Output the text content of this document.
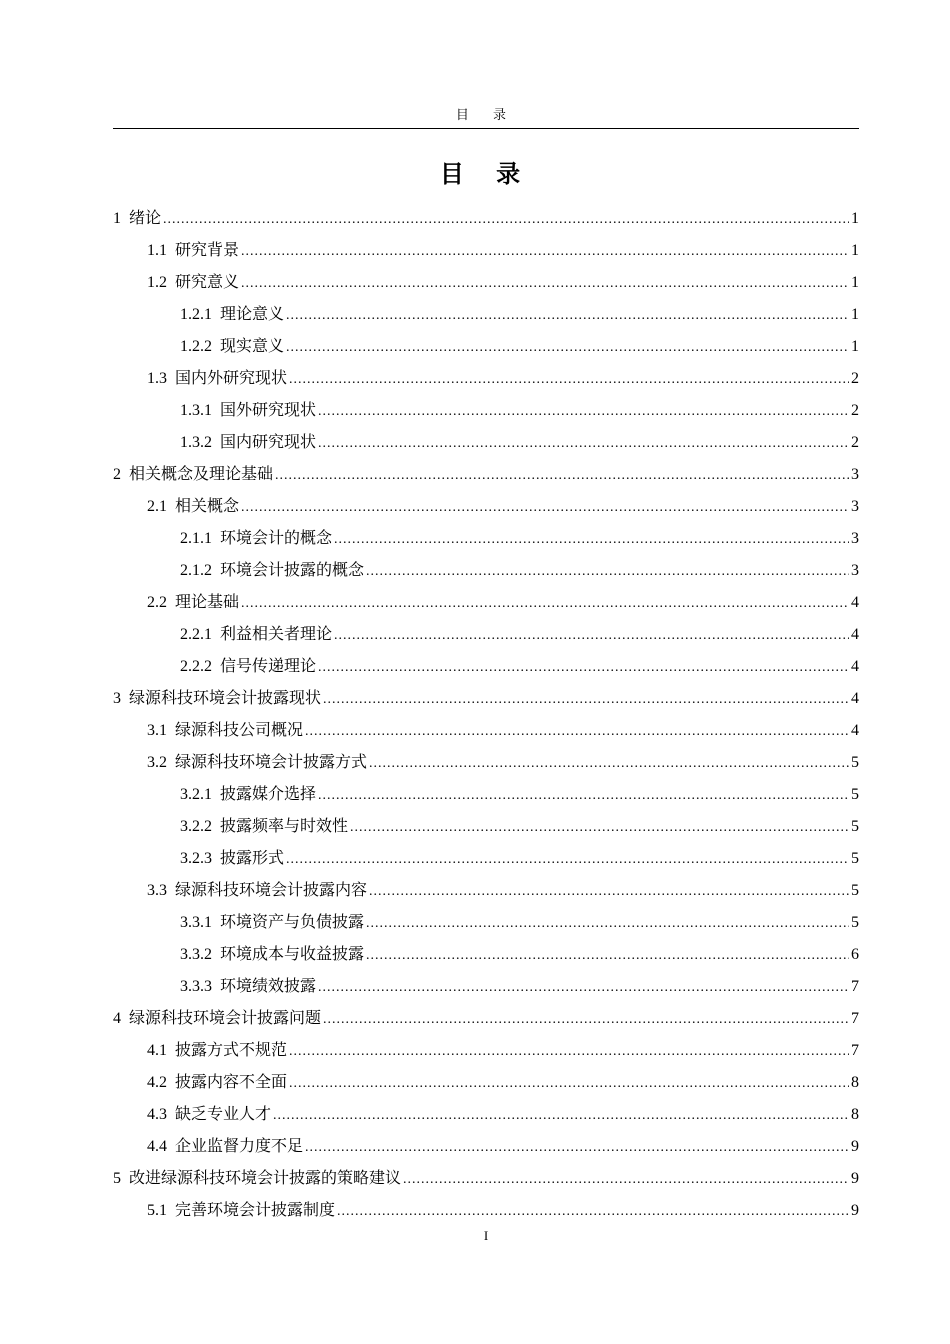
目 录
目 录
1 绪论 .....	1
1.1 研究背景 .....	1
1.2 研究意义 .....	1
1.2.1 理论意义 .....	1
1.2.2 现实意义 .....	1
1.3 国内外研究现状 .....	2
1.3.1 国外研究现状 .....	2
1.3.2 国内研究现状 .....	2
2 相关概念及理论基础 .....	3
2.1 相关概念 .....	3
2.1.1 环境会计的概念 .....	3
2.1.2 环境会计披露的概念 .....	3
2.2 理论基础 .....	4
2.2.1 利益相关者理论 .....	4
2.2.2 信号传递理论 .....	4
3 绿源科技环境会计披露现状 .....	4
3.1 绿源科技公司概况 .....	4
3.2 绿源科技环境会计披露方式 .....	5
3.2.1 披露媒介选择 .....	5
3.2.2 披露频率与时效性 .....	5
3.2.3 披露形式 .....	5
3.3 绿源科技环境会计披露内容 .....	5
3.3.1 环境资产与负债披露 .....	5
3.3.2 环境成本与收益披露 .....	6
3.3.3 环境绩效披露 .....	7
4 绿源科技环境会计披露问题 .....	7
4.1 披露方式不规范 .....	7
4.2 披露内容不全面 .....	8
4.3 缺乏专业人才 .....	8
4.4 企业监督力度不足 .....	9
5 改进绿源科技环境会计披露的策略建议 .....	9
5.1 完善环境会计披露制度 .....	9
I
